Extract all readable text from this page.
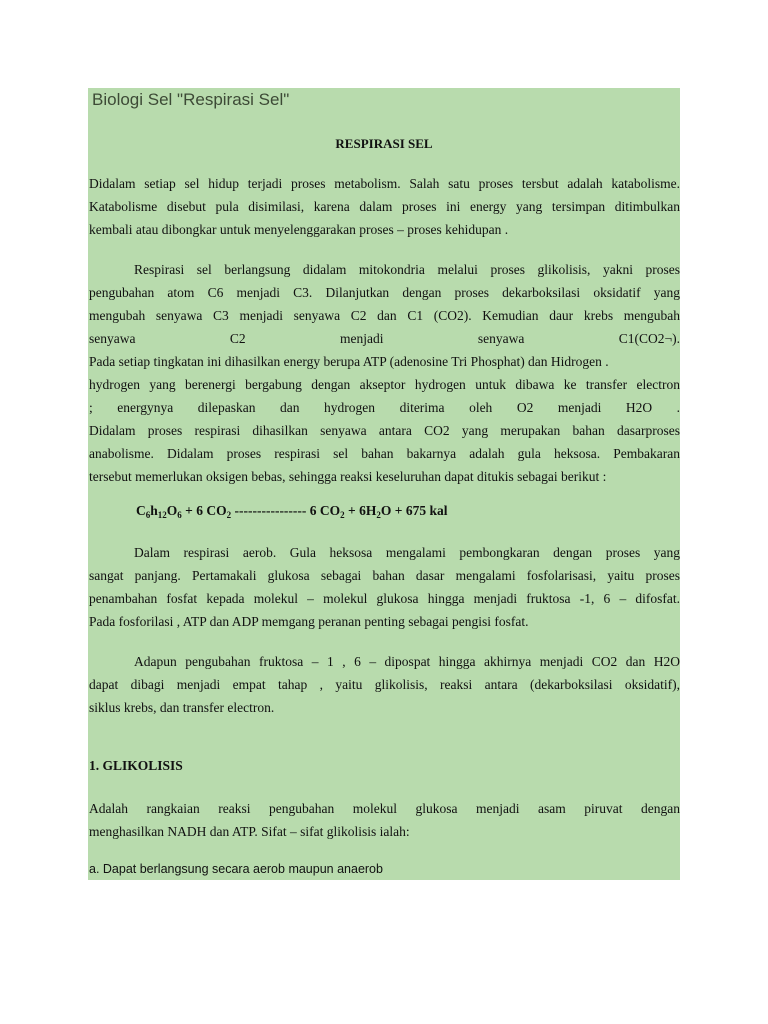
Biologi Sel "Respirasi Sel"
RESPIRASI SEL
Didalam setiap sel hidup terjadi proses metabolism. Salah satu proses tersbut adalah katabolisme.
Katabolisme disebut pula disimilasi, karena dalam proses ini energy yang tersimpan ditimbulkan
kembali atau dibongkar untuk menyelenggarakan proses – proses kehidupan .
Respirasi sel berlangsung didalam mitokondria melalui proses glikolisis, yakni proses
pengubahan atom C6 menjadi C3. Dilanjutkan dengan proses dekarboksilasi oksidatif yang
mengubah senyawa C3 menjadi senyawa C2 dan C1 (CO2). Kemudian daur krebs mengubah
senyawa	C2	menjadi	senyawa	C1(CO2¬).
Pada setiap tingkatan ini dihasilkan energy berupa ATP (adenosine Tri Phosphat) dan Hidrogen .
hydrogen yang berenergi bergabung dengan akseptor hydrogen untuk dibawa ke transfer electron
; energynya dilepaskan dan hydrogen diterima oleh O2 menjadi H2O .
Didalam proses respirasi dihasilkan senyawa antara CO2 yang merupakan bahan dasarproses
anabolisme. Didalam proses respirasi sel bahan bakarnya adalah gula heksosa. Pembakaran
tersebut memerlukan oksigen bebas, sehingga reaksi keseluruhan dapat ditukis sebagai berikut :
$C_6h_{12}O_6 + 6$ $CO_2$ ---------------- 6 $CO_2 + 6H_2O + 675$ kal
Dalam respirasi aerob. Gula heksosa mengalami pembongkaran dengan proses yang
sangat panjang. Pertamakali glukosa sebagai bahan dasar mengalami fosfolarisasi, yaitu proses
penambahan fosfat kepada molekul – molekul glukosa hingga menjadi fruktosa -1, 6 – difosfat.
Pada fosforilasi , ATP dan ADP memgang peranan penting sebagai pengisi fosfat.
Adapun pengubahan fruktosa – 1 , 6 – dipospat hingga akhirnya menjadi CO2 dan H2O
dapat dibagi menjadi empat tahap , yaitu glikolisis, reaksi antara (dekarboksilasi oksidatif),
siklus krebs, dan transfer electron.
1. GLIKOLISIS
Adalah rangkaian reaksi pengubahan molekul glukosa menjadi asam piruvat dengan
menghasilkan NADH dan ATP. Sifat – sifat glikolisis ialah:
a. Dapat berlangsung secara aerob maupun anaerob
